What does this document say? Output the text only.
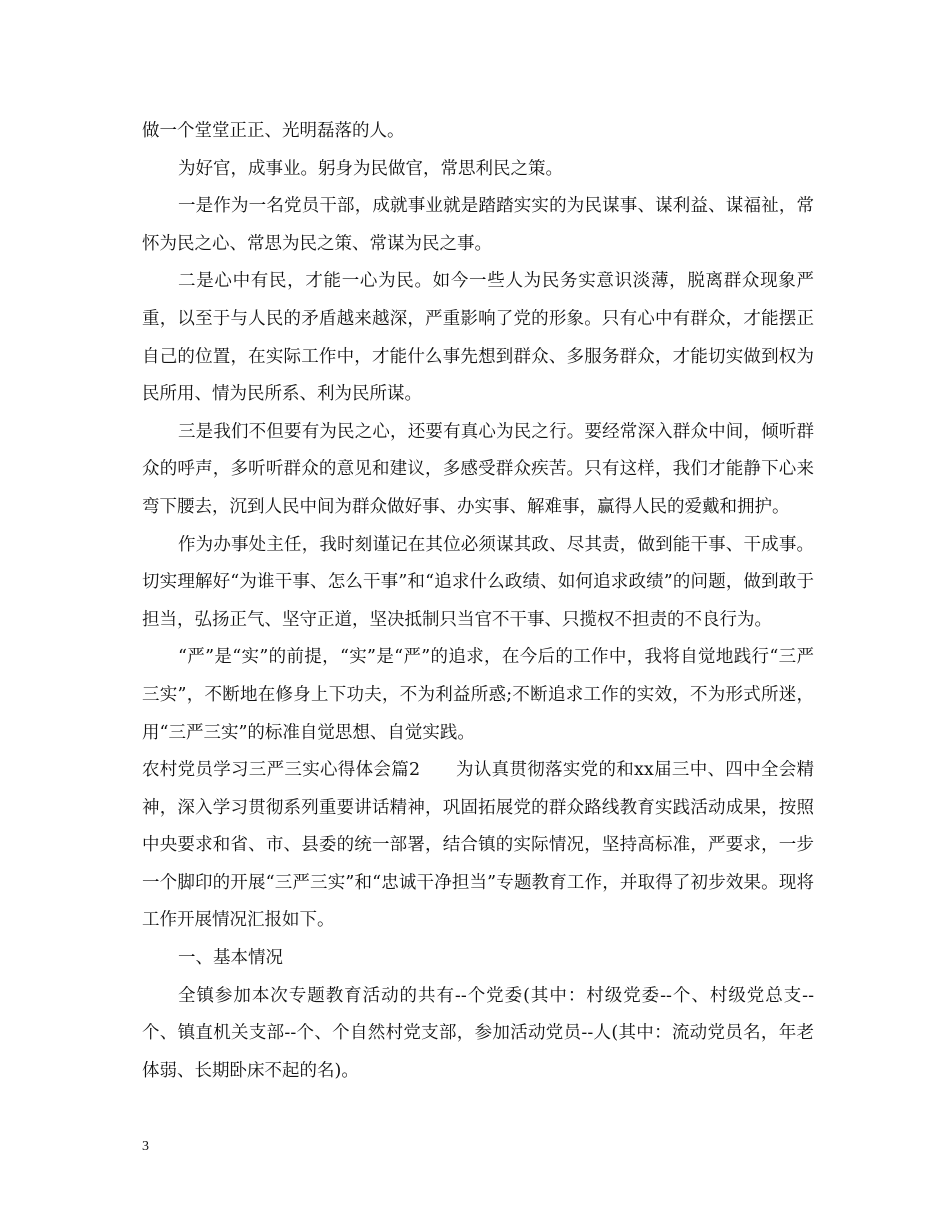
做一个堂堂正正、光明磊落的人。

为好官，成事业。躬身为民做官，常思利民之策。

一是作为一名党员干部，成就事业就是踏踏实实的为民谋事、谋利益、谋福祉，常怀为民之心、常思为民之策、常谋为民之事。

二是心中有民，才能一心为民。如今一些人为民务实意识淡薄，脱离群众现象严重，以至于与人民的矛盾越来越深，严重影响了党的形象。只有心中有群众，才能摆正自己的位置，在实际工作中，才能什么事先想到群众、多服务群众，才能切实做到权为民所用、情为民所系、利为民所谋。

三是我们不但要有为民之心，还要有真心为民之行。要经常深入群众中间，倾听群众的呼声，多听听群众的意见和建议，多感受群众疾苦。只有这样，我们才能静下心来弯下腰去，沉到人民中间为群众做好事、办实事、解难事，赢得人民的爱戴和拥护。

作为办事处主任，我时刻谨记在其位必须谋其政、尽其责，做到能干事、干成事。切实理解好“为谁干事、怎么干事”和“追求什么政绩、如何追求政绩”的问题，做到敢于担当，弘扬正气、坚守正道，坚决抵制只当官不干事、只揽权不担责的不良行为。

“严”是“实”的前提，“实”是“严”的追求，在今后的工作中，我将自觉地践行“三严三实”，不断地在修身上下功夫，不为利益所惑;不断追求工作的实效，不为形式所迷，用“三严三实”的标准自觉思想、自觉实践。

农村党员学习三严三实心得体会篇2　　为认真贯彻落实党的和xx届三中、四中全会精神，深入学习贯彻系列重要讲话精神，巩固拓展党的群众路线教育实践活动成果，按照中央要求和省、市、县委的统一部署，结合镇的实际情况，坚持高标准，严要求，一步一个脚印的开展“三严三实”和“忠诚干净担当”专题教育工作，并取得了初步效果。现将工作开展情况汇报如下。

一、基本情况

全镇参加本次专题教育活动的共有--个党委(其中：村级党委--个、村级党总支--个、镇直机关支部--个、个自然村党支部，参加活动党员--人(其中：流动党员名，年老体弱、长期卧床不起的名)。

3
